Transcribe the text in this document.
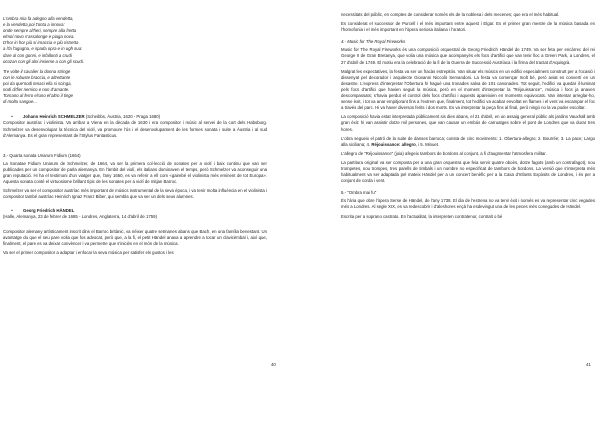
L'ombra mia fa adegno alla vendetta,
e la vendetta poi t'onta a innova:
onde sempre al'heri, sempre alla fretta
elmol novo s'assalonge e piaga nova.
D'hor in hor più si irnaccia e più ristretta
a l'la l'agugna, e spada opra e in ugh sua:
dare al con gonni, e infallonti a crudi
ocozan con gli alni insieme a con gli scudi.
Tre volte il cavalier la donna stringe
con le robuste braccia, e altrettante
poi da que'nodi tenaci ella si scinga,
nodi di'fier nemico e non d'amante.
Tornano al ferro el'uno el'altro il tinge
di molto sangue...

• Johann Heinrich SCHMELZER (Scheibbs, Àustria, 1620 - Praga 1680)

Compositor austríac i violinista. Va arribar a Viena en la dècada de 1630 i era compositor i músic al servei de la cort dels Habsburg. Schmelzer va desenvolupar la tècnica del violí, va promoure l'ús i el desenvolupament de les formes sonata i suite a Àustria i al sud d'Alemanya. Es el gran representant de l'Stylus Fantasticus.

3.- Quarta sonata Unarum Fidium (1664)

La Sonatae Fidium Unarum de Schmelzer, de 1664, va ser la primera col·lecció de sonates per a violí i baix continu que van ser publicades per un compositor de parla alemanya. En l'àmbit del violí, els italians dominaven el temps, però Schmelzer va aconseguir una gran reputació. Hi ha el testimoni d'un viatger que, l'any 1660, es va referir a ell com «gairebé el violinista més eminent de tot Europa». Aquesta sonata conté el virtuosisme brillant típic de les sonates per a violí de mitjan Barroc.

Schmelzer va ser el compositor austríac més important de músics instrumental de la seva època, i va tenir molta influència en el violinista i compositor també austríac Heinrich Ignaz Franz Biber, qui sembla que va ser un dels seus alumnes.

• Georg Friedrich HÄNDEL

(Halle, Alemanya, 23 de febrer de 1685 - Londres, Anglaterra, 14 d'abril de 1759)

Compositor alemany artísticament inscrit dins el Barroc britànic, va néixer quatre setmanes abans que Bach, en una família benestant. Un avantatge du que el seu pare volia que fos advocat, però que, a la fi, el petit Händel anava a aprendre a tocar un clavicèmbal i, així que, finalment, el pare es va deixar convèncer i va permetre que s'iniciés en el món de la música.

Va ser el primer compositor a adaptar i enfocar la seva música per satisfer els gustos i les

40

necessitats del públic, en comptes de considerar només els de la noblesa i dels mecenes; que era el més habitual.

Es considerat el successor de Purcell i el més important entre aquest i Elgar. Es el primer gran mestre de la música basada en l'homofonia i el més important en l'òpera seriosa italiana i l'oratori.

4.- Music for The Royal Fireworks

Music for The Royal Fireworks és una composició orquestral de Georg Friedrich Händel de 1749. Va ser feta per encàrrec del rei George II de Gran Bretanya, que volia una música que acompanyés els focs d'artifici que van tenir lloc a Green Park, a Londres, el 27 d'abril de 1749. El motiu era la celebració de la fi de la Guerra de Successió Austríaca i la firma del tractat d'Aquisgrà.

Malgrat les expectatives, la festa va ser un fracàs estrepitós. Van situar els músics en un edifici especialment construït per a l'ocasió i dissenyat pel decorador i arquitecte Giovanni Niccolò Servandoni. La festa va començar molt bé, però aviat es convertí en un desastre. L'express d'interpretar l'Obertura hi hagué una tronades salva de 101 canonades. Tot seguit, l'edifici va quedar il·luminat pels focs d'artifici que havien seguit la música, però en el moment d'interpretar la "Réjouissance", música i focs ja anaven descompassats; s'havia perdut el control dels focs d'artifici i aquests apareixien en moments equivocats. Van intentar arreglar-ho, sense èxit, i tot va anar empitjorant fins a l'extrem que, finalment, tot l'edifici va acabar envoltat en flames i el vent va escampar el foc a través del parc. Hi va haver diversos ferits i dos morts. Es va interpretar la peça fins al final, però ningú no la va poder escoltar.

La composició havia estat interpretada públicament sis dies abans, el 21 d'abril, en un assaig general públic als jardins Vauxhall amb gran èxit: hi van assistir dotze mil persones, que van causar un embús de carruatges sobre el pont de Londres que va durar tres hores.

L'obra segueix el patró de la suite de danses barroca; consta de cinc moviments: 1. Obertura-allegro; 2. Bourrée; 3. La pace; Largo alla siciliana; 4. Réjouissance: allegro, i 5. Minuet.

L'allegro de "Réjouissance" (joia) afegeix tambors de bordons al conjunt, a fi d'augmentar l'atmosfera militar.

La partitura original va ser composta per a una gran orquestra que feia servir quatre oboès, dotze fagots (amb un contrafagot), nou trompetes, nou trompes, tres parells de timbals i un nombre no especificat de tambors de bordons. La versió que s'interpreta més habitualment va ser adaptada pel mateix Händel per a un concert benèfic per a la Casa d'Infants Expòsits de Londres, i és per a conjunt de corda i vent.

5.- "Ombra mai fu"

És l'ària que obre l'òpera Serse de Händel, de l'any 1738. El dia de l'estrena no va tenir èxit i només es va representar cinc vegades més a Londres. Al segle XIX, es va redescobrir i d'aleshores ençà ha esdevingut una de les peces més conegudes de Händel.

Escrita per a soprano castrato. En l'actualitat, la interpreten contratenor, contralt o bé

41
